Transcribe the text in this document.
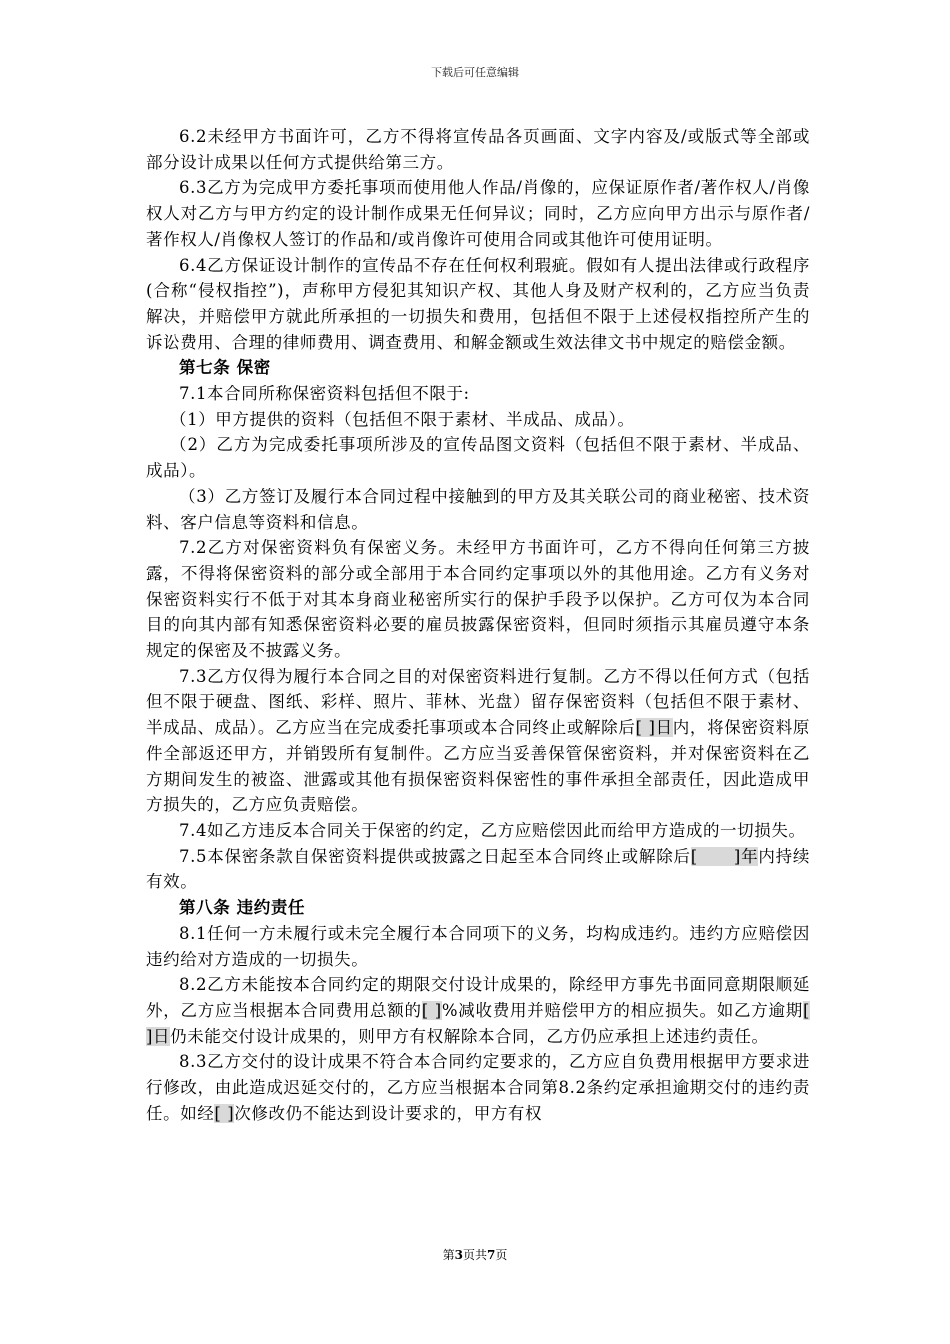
下载后可任意编辑

6.2未经甲方书面许可，乙方不得将宣传品各页画面、文字内容及/或版式等全部或部分设计成果以任何方式提供给第三方。

6.3乙方为完成甲方委托事项而使用他人作品/肖像的，应保证原作者/著作权人/肖像权人对乙方与甲方约定的设计制作成果无任何异议；同时，乙方应向甲方出示与原作者/著作权人/肖像权人签订的作品和/或肖像许可使用合同或其他许可使用证明。

6.4乙方保证设计制作的宣传品不存在任何权利瑕疵。假如有人提出法律或行政程序(合称“侵权指控”)，声称甲方侵犯其知识产权、其他人身及财产权利的，乙方应当负责解决，并赔偿甲方就此所承担的一切损失和费用，包括但不限于上述侵权指控所产生的诉讼费用、合理的律师费用、调查费用、和解金额或生效法律文书中规定的赔偿金额。

第七条 保密

7.1本合同所称保密资料包括但不限于:

（1）甲方提供的资料（包括但不限于素材、半成品、成品）。

（2）乙方为完成委托事项所涉及的宣传品图文资料（包括但不限于素材、半成品、成品）。

（3）乙方签订及履行本合同过程中接触到的甲方及其关联公司的商业秘密、技术资料、客户信息等资料和信息。

7.2乙方对保密资料负有保密义务。未经甲方书面许可，乙方不得向任何第三方披露，不得将保密资料的部分或全部用于本合同约定事项以外的其他用途。乙方有义务对保密资料实行不低于对其本身商业秘密所实行的保护手段予以保护。乙方可仅为本合同目的向其内部有知悉保密资料必要的雇员披露保密资料，但同时须指示其雇员遵守本条规定的保密及不披露义务。

7.3乙方仅得为履行本合同之目的对保密资料进行复制。乙方不得以任何方式（包括但不限于硬盘、图纸、彩样、照片、菲林、光盘）留存保密资料（包括但不限于素材、半成品、成品）。乙方应当在完成委托事项或本合同终止或解除后[ ]日内，将保密资料原件全部返还甲方，并销毁所有复制件。乙方应当妥善保管保密资料，并对保密资料在乙方期间发生的被盗、泄露或其他有损保密资料保密性的事件承担全部责任，因此造成甲方损失的，乙方应负责赔偿。

7.4如乙方违反本合同关于保密的约定，乙方应赔偿因此而给甲方造成的一切损失。

7.5本保密条款自保密资料提供或披露之日起至本合同终止或解除后[      ]年内持续有效。

第八条 违约责任

8.1任何一方未履行或未完全履行本合同项下的义务，均构成违约。违约方应赔偿因违约给对方造成的一切损失。

8.2乙方未能按本合同约定的期限交付设计成果的，除经甲方事先书面同意期限顺延外，乙方应当根据本合同费用总额的[ ]%减收费用并赔偿甲方的相应损失。如乙方逾期[ ]日仍未能交付设计成果的，则甲方有权解除本合同，乙方仍应承担上述违约责任。

8.3乙方交付的设计成果不符合本合同约定要求的，乙方应自负费用根据甲方要求进行修改，由此造成迟延交付的，乙方应当根据本合同第8.2条约定承担逾期交付的违约责任。如经[ ]次修改仍不能达到设计要求的，甲方有权

第3页共7页
